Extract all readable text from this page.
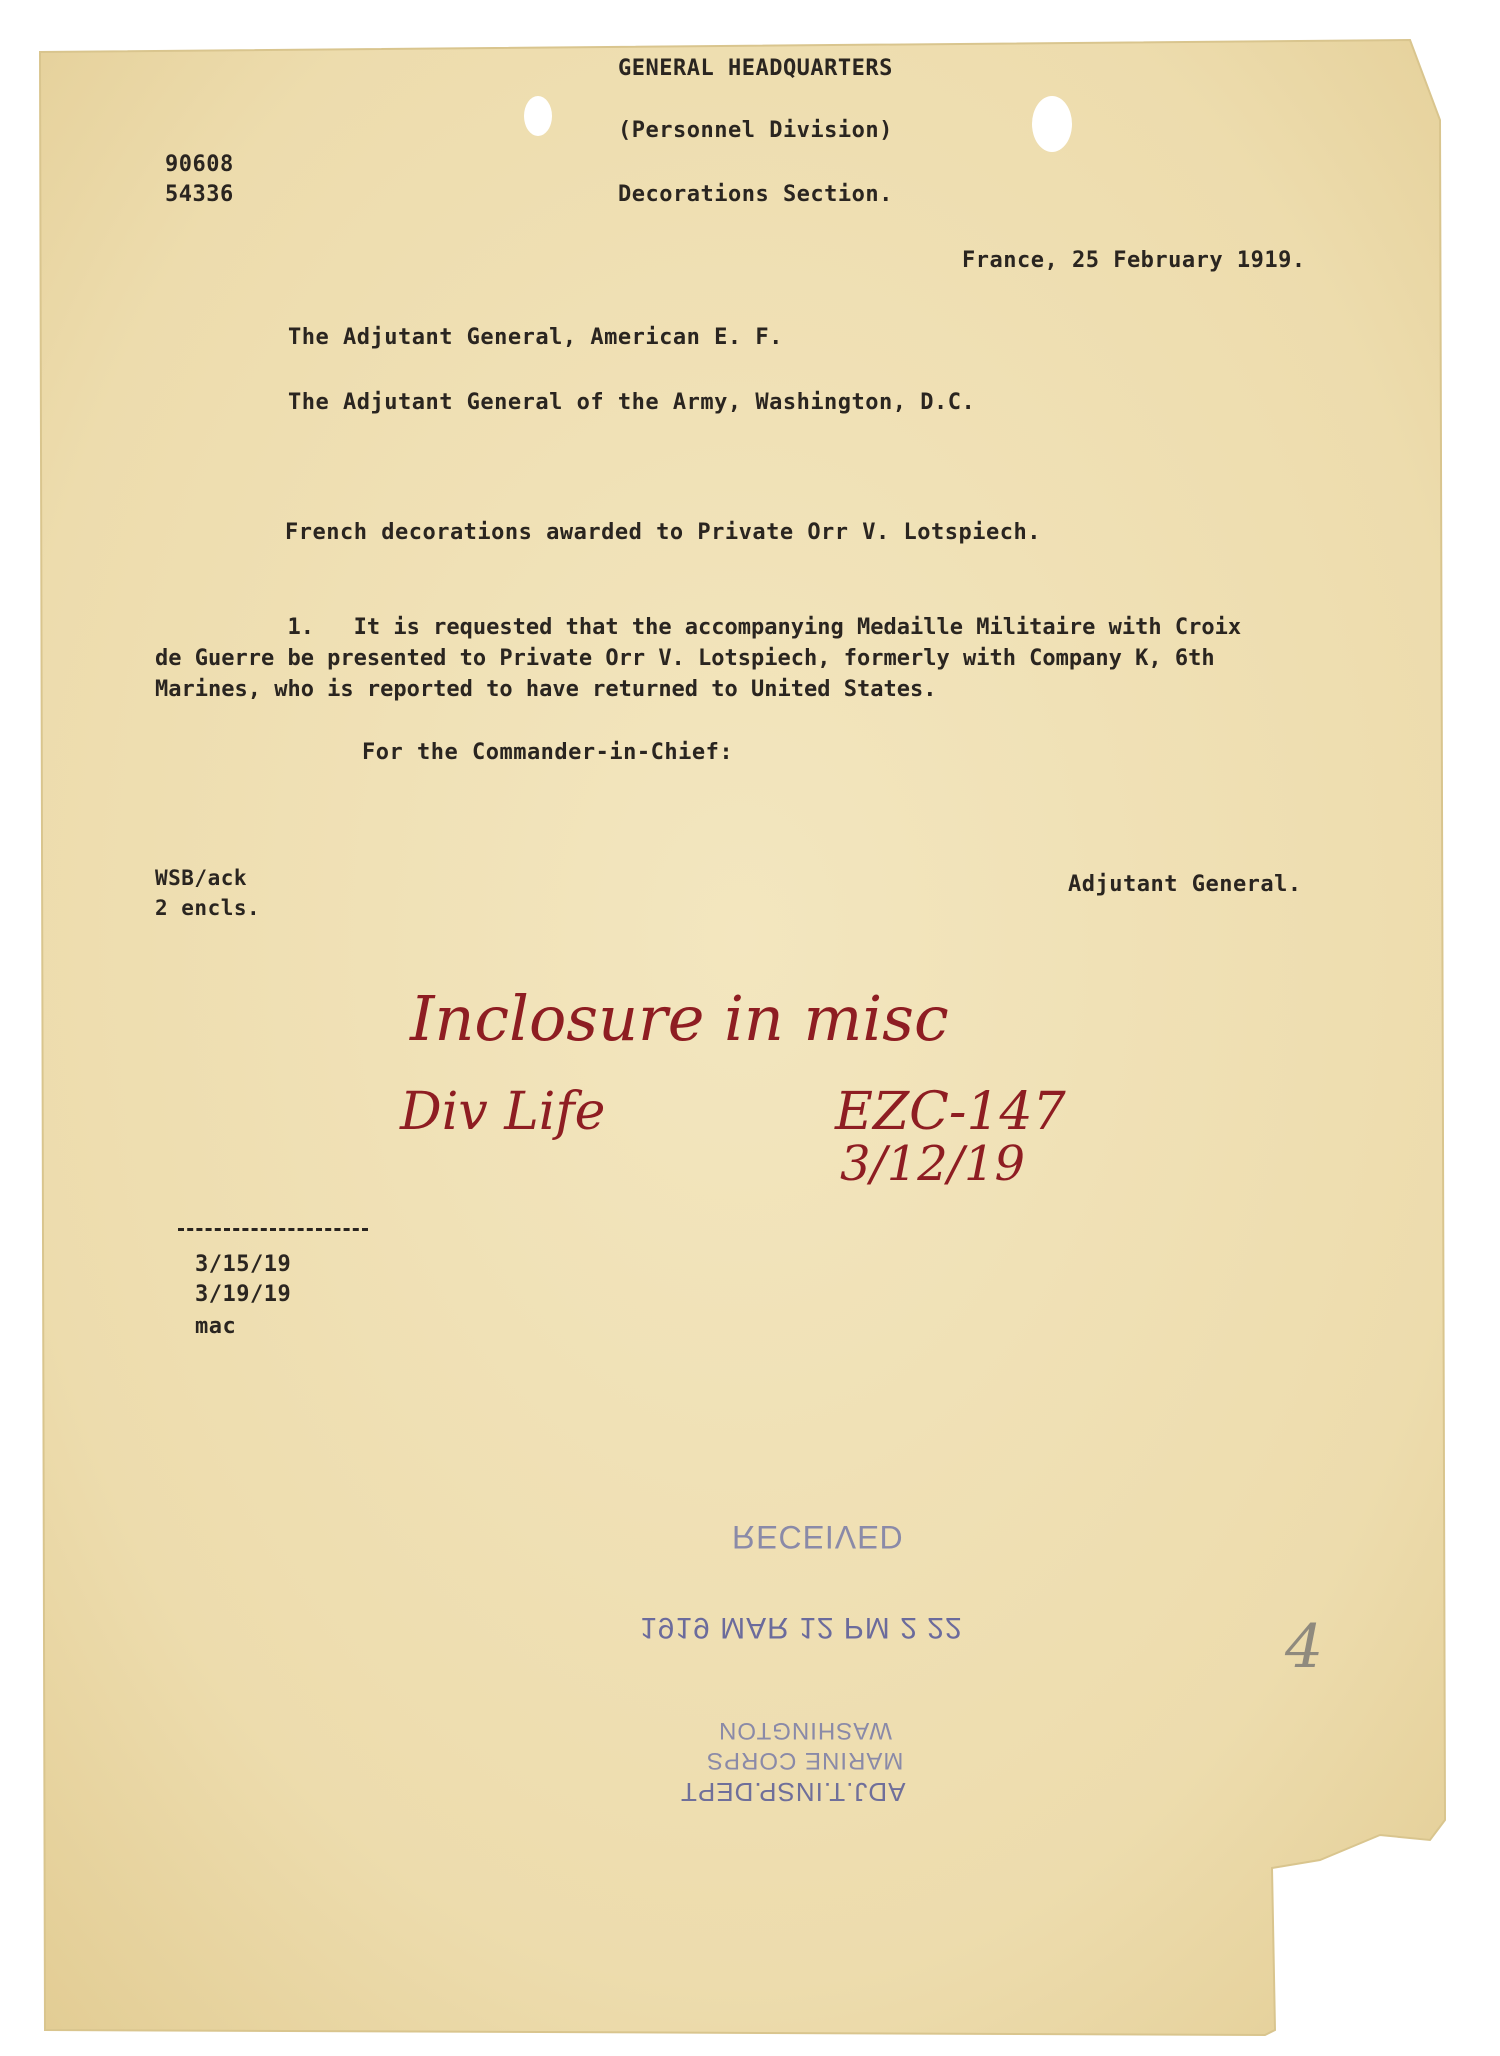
GENERAL HEADQUARTERS
(Personnel Division)
Decorations Section.
90608
54336
France, 25 February 1919.
The Adjutant General, American E. F.
The Adjutant General of the Army, Washington, D.C.
French decorations awarded to Private Orr V. Lotspiech.
1.   It is requested that the accompanying Medaille Militaire with Croix
de Guerre be presented to Private Orr V. Lotspiech, formerly with Company K, 6th
Marines, who is reported to have returned to United States.
For the Commander-in-Chief:
WSB/ack
2 encls.
Adjutant General.
Inclosure in misc
Div Life	EZC-147
3/12/19
3/15/19
3/19/19
mac
RECEIVED
1919 MAR 12 PM 2 22
WASHINGTON
MARINE CORPS
ADJ.T.INSP.DEPT
4
